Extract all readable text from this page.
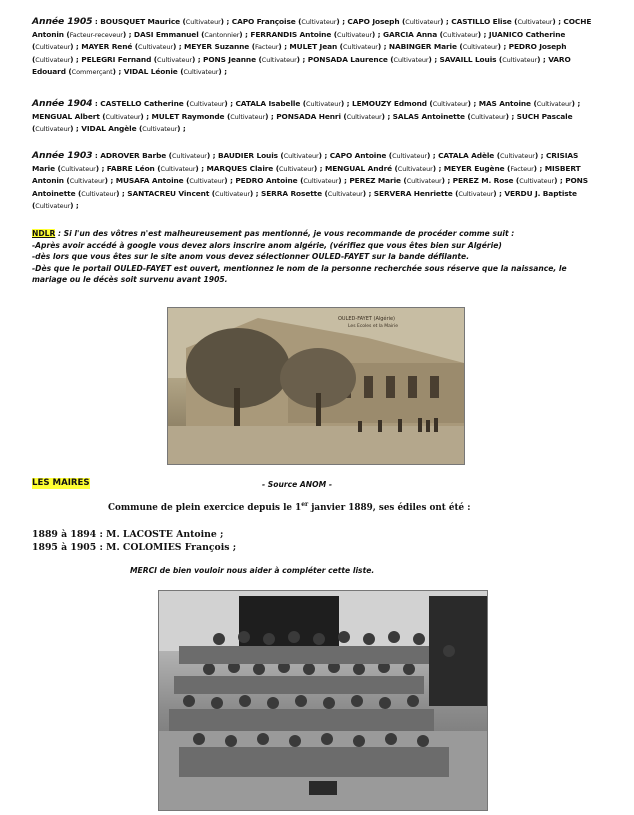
Année 1905 : BOUSQUET Maurice (Cultivateur) ; CAPO Françoise (Cultivateur) ; CAPO Joseph (Cultivateur) ; CASTILLO Elise (Cultivateur) ; COCHE Antonin (Facteur-receveur) ; DASI Emmanuel (Cantonnier) ; FERRANDIS Antoine (Cultivateur) ; GARCIA Anna (Cultivateur) ; JUANICO Catherine (Cultivateur) ; MAYER René (Cultivateur) ; MEYER Suzanne (Facteur) ; MULET Jean (Cultivateur) ; NABINGER Marie (Cultivateur) ; PEDRO Joseph (Cultivateur) ; PELEGRI Fernand (Cultivateur) ; PONS Jeanne (Cultivateur) ; PONSADA Laurence (Cultivateur) ; SAVAILL Louis (Cultivateur) ; VARO Edouard (Commerçant) ; VIDAL Léonie (Cultivateur) ;
Année 1904 : CASTELLO Catherine (Cultivateur) ; CATALA Isabelle (Cultivateur) ; LEMOUZY Edmond (Cultivateur) ; MAS Antoine (Cultivateur) ; MENGUAL Albert (Cultivateur) ; MULET Raymonde (Cultivateur) ; PONSADA Henri (Cultivateur) ; SALAS Antoinette (Cultivateur) ; SUCH Pascale (Cultivateur) ; VIDAL Angèle (Cultivateur) ;
Année 1903 : ADROVER Barbe (Cultivateur) ; BAUDIER Louis (Cultivateur) ; CAPO Antoine (Cultivateur) ; CATALA Adèle (Cultivateur) ; CRISIAS Marie (Cultivateur) ; FABRE Léon (Cultivateur) ; MARQUES Claire (Cultivateur) ; MENGUAL André (Cultivateur) ; MEYER Eugène (Facteur) ; MISBERT Antonin (Cultivateur) ; MUSAFA Antoine (Cultivateur) ; PEDRO Antoine (Cultivateur) ; PEREZ Marie (Cultivateur) ; PEREZ M. Rose (Cultivateur) ; PONS Antoinette (Cultivateur) ; SANTACREU Vincent (Cultivateur) ; SERRA Rosette (Cultivateur) ; SERVERA Henriette (Cultivateur) ; VERDU J. Baptiste (Cultivateur) ;
NDLR : Si l'un des vôtres n'est malheureusement pas mentionné, je vous recommande de procéder comme suit :
-Après avoir accédé à google vous devez alors inscrire anom algérie, (vérifiez que vous êtes bien sur Algérie)
-dès lors que vous êtes sur le site anom vous devez sélectionner OULED-FAYET sur la bande défilante.
-Dès que le portail OULED-FAYET est ouvert, mentionnez le nom de la personne recherchée sous réserve que la naissance, le
mariage ou le décès soit survenu avant 1905.
OULED-FAYET (Algérie)
Les Ecoles et la Mairie
LES MAIRES	- Source ANOM -
Commune de plein exercice depuis le 1er janvier 1889, ses édiles ont été :
1889 à 1894 : M. LACOSTE Antoine ;
1895 à 1905 : M. COLOMIES François ;
MERCI de bien vouloir nous aider à compléter cette liste.
